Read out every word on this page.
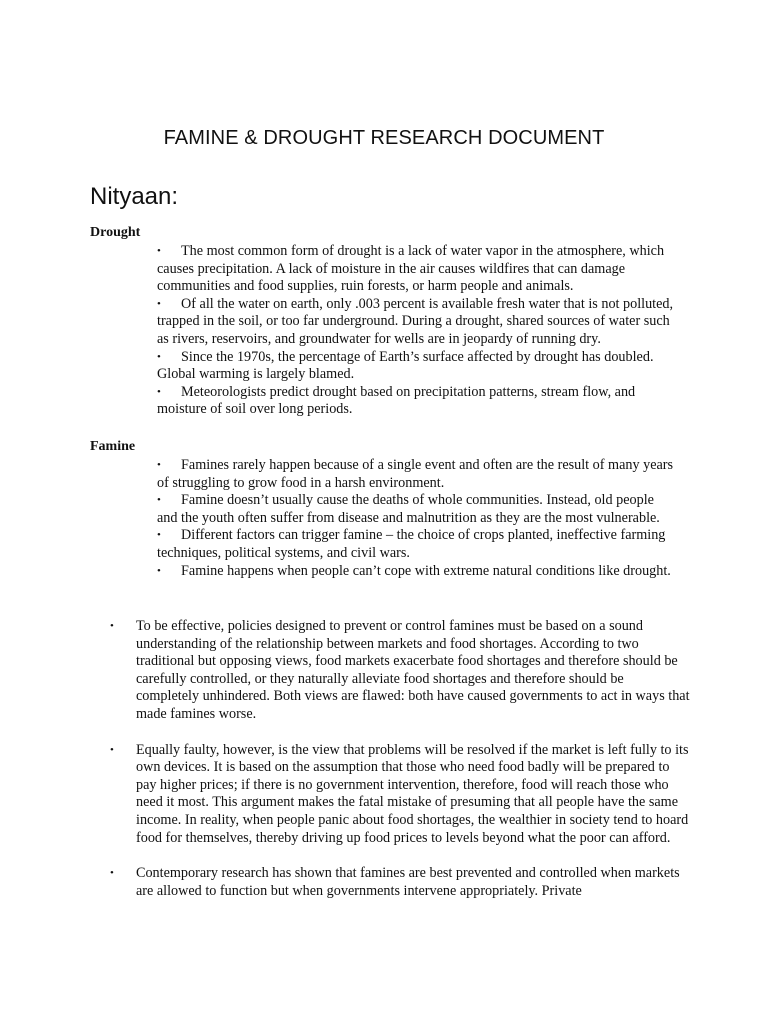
FAMINE & DROUGHT RESEARCH DOCUMENT
Nityaan:
Drought
• The most common form of drought is a lack of water vapor in the atmosphere, which causes precipitation. A lack of moisture in the air causes wildfires that can damage communities and food supplies, ruin forests, or harm people and animals.
• Of all the water on earth, only .003 percent is available fresh water that is not polluted, trapped in the soil, or too far underground. During a drought, shared sources of water such as rivers, reservoirs, and groundwater for wells are in jeopardy of running dry.
• Since the 1970s, the percentage of Earth’s surface affected by drought has doubled. Global warming is largely blamed.
• Meteorologists predict drought based on precipitation patterns, stream flow, and moisture of soil over long periods.
Famine
• Famines rarely happen because of a single event and often are the result of many years of struggling to grow food in a harsh environment.
• Famine doesn’t usually cause the deaths of whole communities. Instead, old people and the youth often suffer from disease and malnutrition as they are the most vulnerable.
• Different factors can trigger famine – the choice of crops planted, ineffective farming techniques, political systems, and civil wars.
• Famine happens when people can’t cope with extreme natural conditions like drought.
• To be effective, policies designed to prevent or control famines must be based on a sound understanding of the relationship between markets and food shortages. According to two traditional but opposing views, food markets exacerbate food shortages and therefore should be carefully controlled, or they naturally alleviate food shortages and therefore should be completely unhindered. Both views are flawed: both have caused governments to act in ways that made famines worse.
• Equally faulty, however, is the view that problems will be resolved if the market is left fully to its own devices. It is based on the assumption that those who need food badly will be prepared to pay higher prices; if there is no government intervention, therefore, food will reach those who need it most. This argument makes the fatal mistake of presuming that all people have the same income. In reality, when people panic about food shortages, the wealthier in society tend to hoard food for themselves, thereby driving up food prices to levels beyond what the poor can afford.
• Contemporary research has shown that famines are best prevented and controlled when markets are allowed to function but when governments intervene appropriately. Private
